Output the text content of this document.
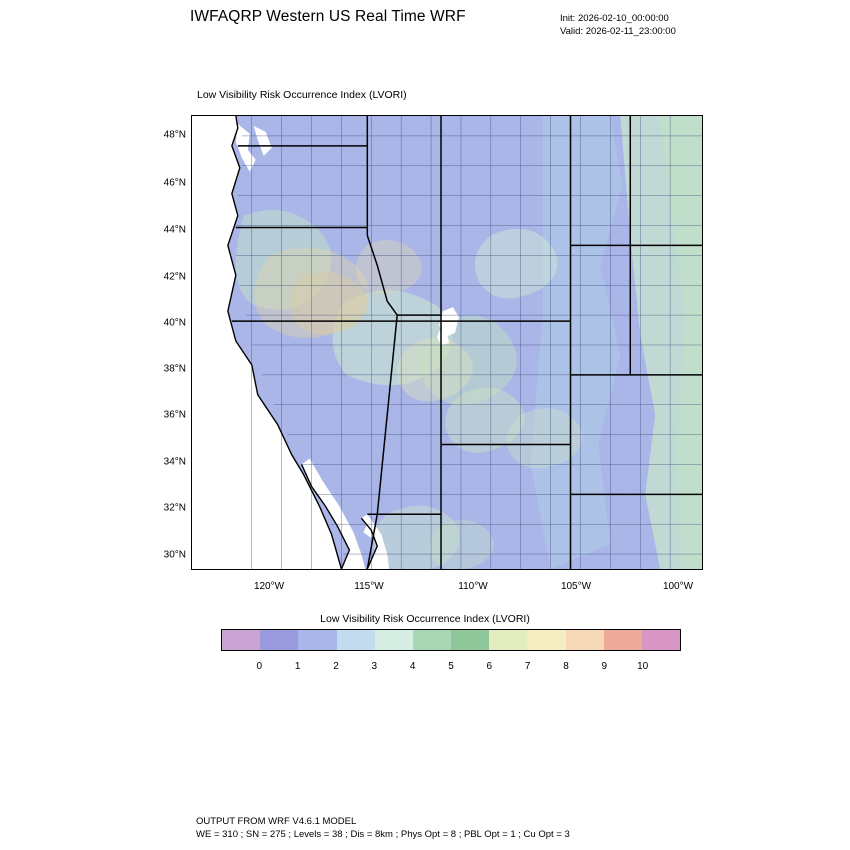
IWFAQRP Western US Real Time WRF	Init: 2026-02-10_00:00:00
Valid: 2026-02-11_23:00:00
Low Visibility Risk Occurrence Index (LVORI)
48°N
46°N
44°N
42°N
40°N
38°N
36°N
34°N
32°N
30°N
120°W	115°W	110°W	105°W	100°W
Low Visibility Risk Occurrence Index (LVORI)
0	1	2	3	4	5	6	7	8	9	10
OUTPUT FROM WRF V4.6.1 MODEL
WE = 310 ; SN = 275 ; Levels = 38 ; Dis = 8km ; Phys Opt = 8 ; PBL Opt = 1 ; Cu Opt = 3
